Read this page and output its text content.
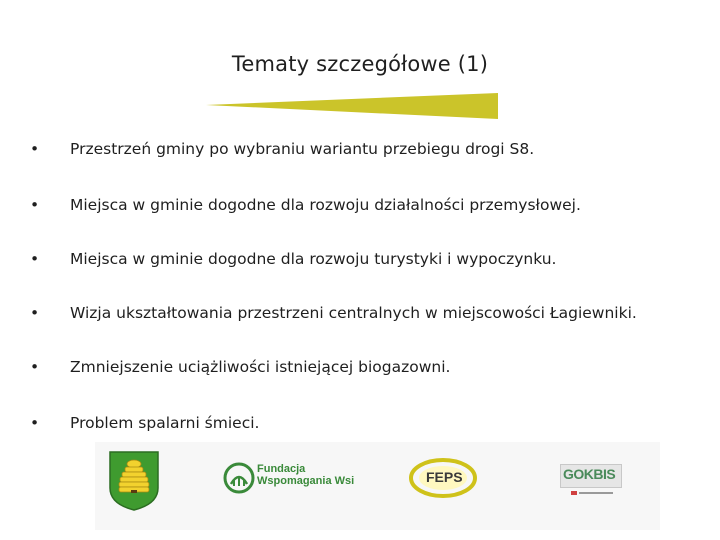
Tematy szczegółowe (1)
• Przestrzeń gminy po wybraniu wariantu przebiegu drogi S8.
• Miejsca w gminie dogodne dla rozwoju działalności przemysłowej.
• Miejsca w gminie dogodne dla rozwoju turystyki i wypoczynku.
• Wizja ukształtowania przestrzeni centralnych w miejscowości Łagiewniki.
• Zmniejszenie uciążliwości istniejącej biogazowni.
• Problem spalarni śmieci.
Fundacja
Wspomagania Wsi	FEPS	GOKBIS
